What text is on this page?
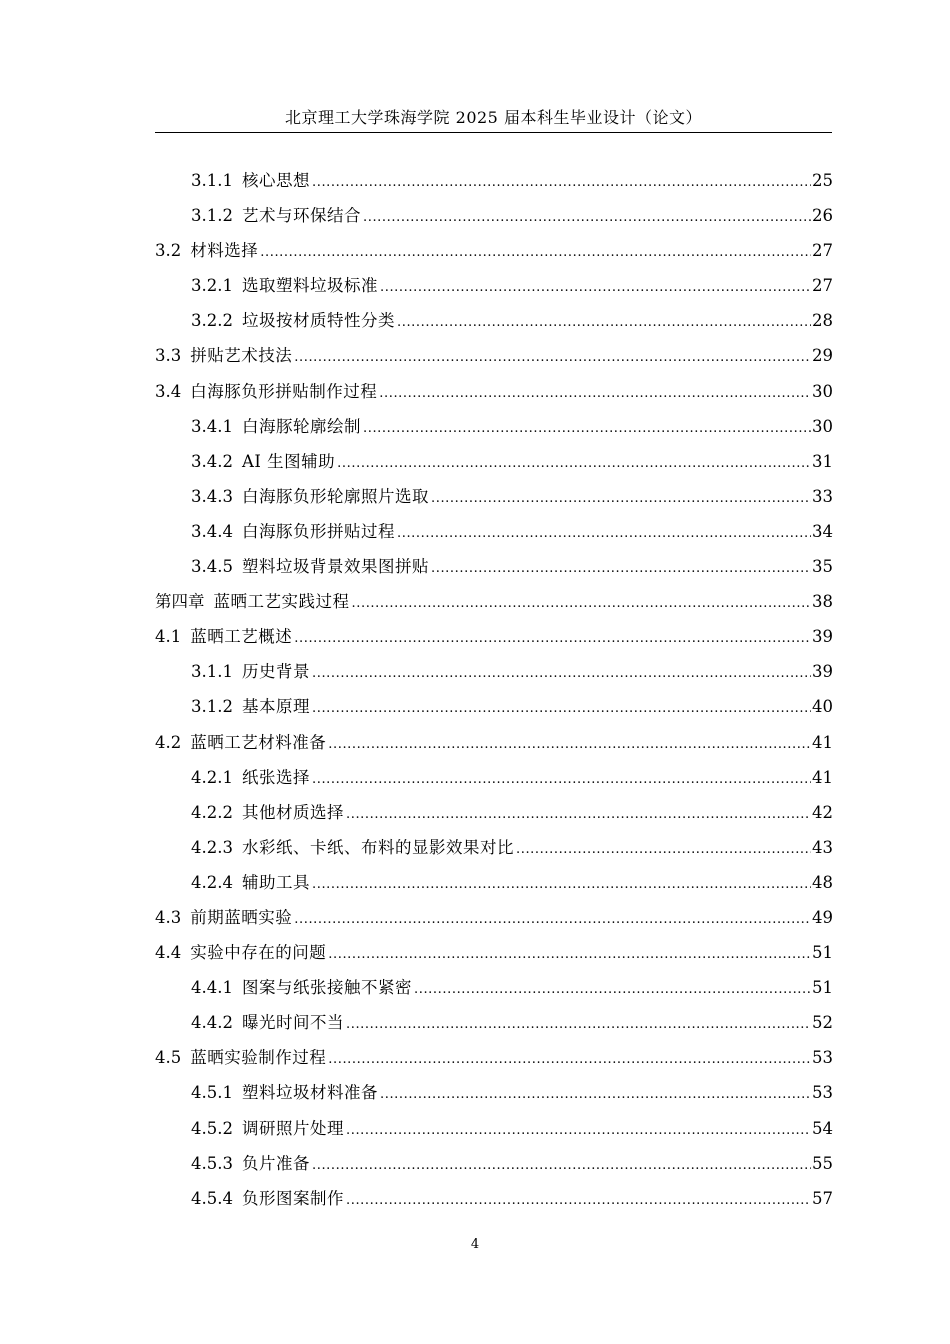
北京理工大学珠海学院 2025 届本科生毕业设计（论文）
3.1.1 核心思想 .....	25
3.1.2 艺术与环保结合 .....	26
3.2 材料选择 .....	27
3.2.1 选取塑料垃圾标准 .....	27
3.2.2 垃圾按材质特性分类 .....	28
3.3 拼贴艺术技法 .....	29
3.4 白海豚负形拼贴制作过程 .....	30
3.4.1 白海豚轮廓绘制 .....	30
3.4.2 AI 生图辅助 .....	31
3.4.3 白海豚负形轮廓照片选取 .....	33
3.4.4 白海豚负形拼贴过程 .....	34
3.4.5 塑料垃圾背景效果图拼贴 .....	35
第四章 蓝晒工艺实践过程 .....	38
4.1 蓝晒工艺概述 .....	39
3.1.1 历史背景 .....	39
3.1.2 基本原理 .....	40
4.2 蓝晒工艺材料准备 .....	41
4.2.1 纸张选择 .....	41
4.2.2 其他材质选择 .....	42
4.2.3 水彩纸、卡纸、布料的显影效果对比 .....	43
4.2.4 辅助工具 .....	48
4.3 前期蓝晒实验 .....	49
4.4 实验中存在的问题 .....	51
4.4.1 图案与纸张接触不紧密 .....	51
4.4.2 曝光时间不当 .....	52
4.5 蓝晒实验制作过程 .....	53
4.5.1 塑料垃圾材料准备 .....	53
4.5.2 调研照片处理 .....	54
4.5.3 负片准备 .....	55
4.5.4 负形图案制作 .....	57
4
